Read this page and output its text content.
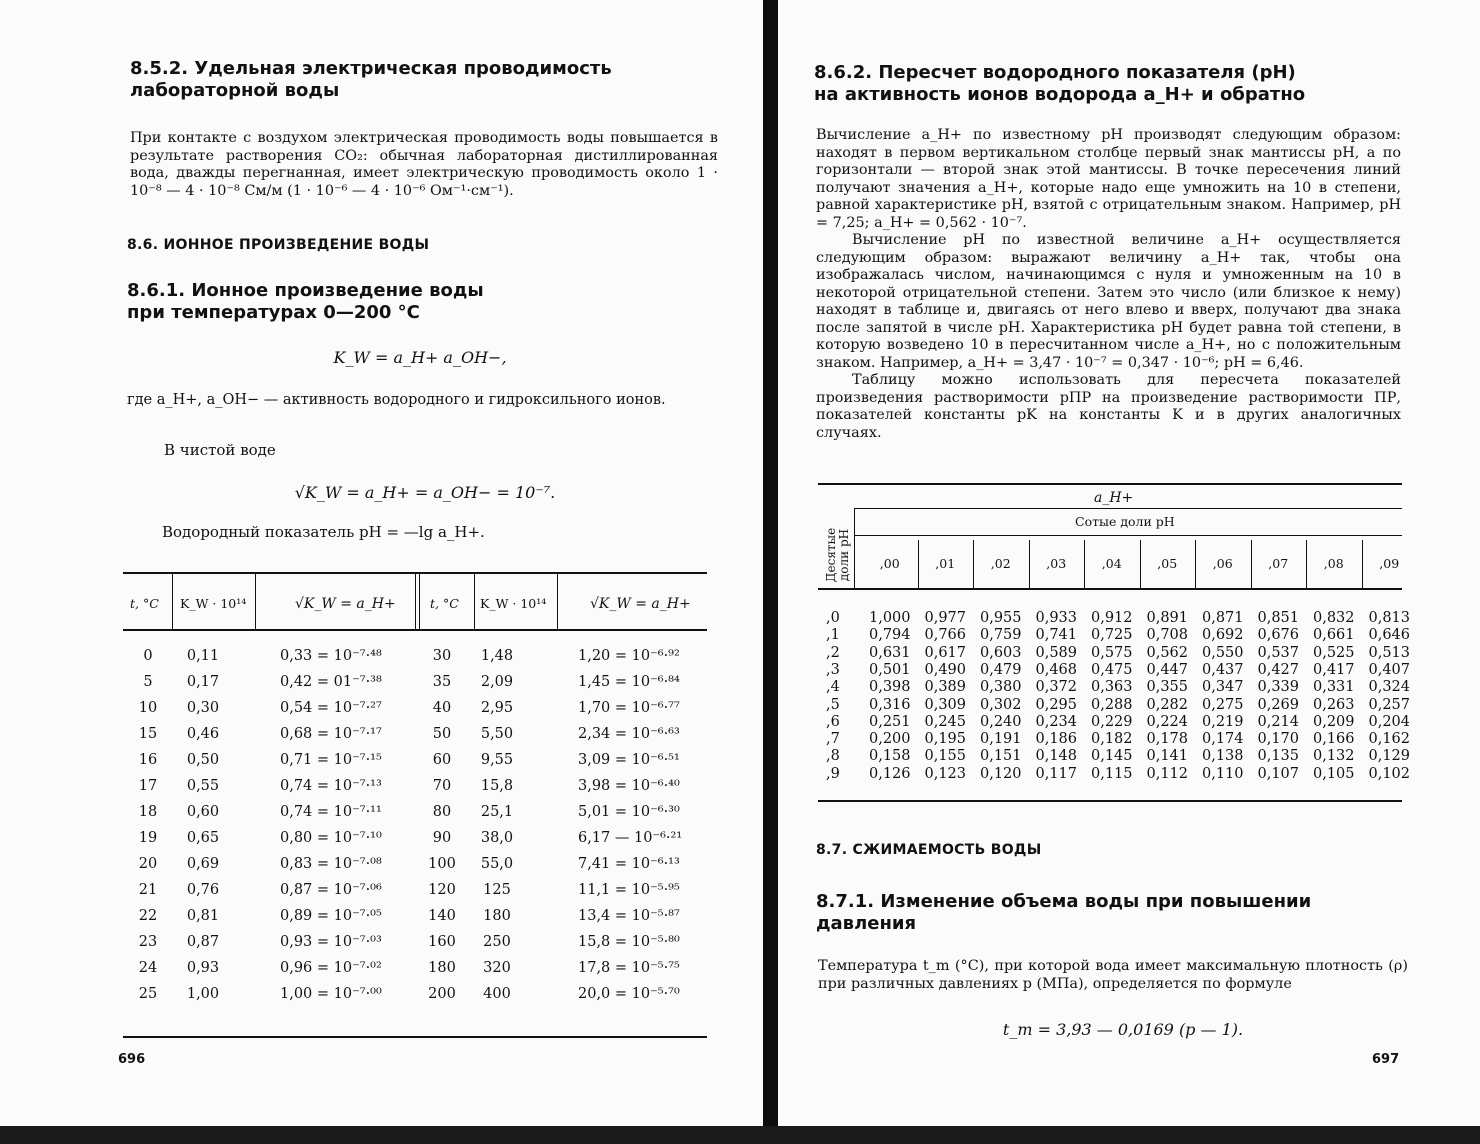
8.5.2. Удельная электрическая проводимость
лабораторной воды

При контакте с воздухом электрическая проводимость воды повышается в результате растворения CO₂: обычная лабораторная дистиллированная вода, дважды перегнанная, имеет электрическую проводимость около 1 · 10⁻⁸ — 4 · 10⁻⁸ См/м (1 · 10⁻⁶ — 4 · 10⁻⁶ Ом⁻¹·см⁻¹).

8.6. ИОННОЕ ПРОИЗВЕДЕНИЕ ВОДЫ
8.6.1. Ионное произведение воды
при температурах 0—200 °C
K_W = a_H+ a_OH−,
где a_H+, a_OH− — активность водородного и гидроксильного ионов.
В чистой воде
√K_W = a_H+ = a_OH− = 10⁻⁷.
Водородный показатель pH = —lg a_H+.
t, °C K_W · 10¹⁴	√K_W = a_H+	t, °C K_W · 10¹⁴	√K_W = a_H+
0	0,11	0,33 = 10⁻⁷·⁴⁸	30	1,48	1,20 = 10⁻⁶·⁹²
5	0,17	0,42 = 01⁻⁷·³⁸	35	2,09	1,45 = 10⁻⁶·⁸⁴
10	0,30	0,54 = 10⁻⁷·²⁷	40	2,95	1,70 = 10⁻⁶·⁷⁷
15	0,46	0,68 = 10⁻⁷·¹⁷	50	5,50	2,34 = 10⁻⁶·⁶³
16	0,50	0,71 = 10⁻⁷·¹⁵	60	9,55	3,09 = 10⁻⁶·⁵¹
17	0,55	0,74 = 10⁻⁷·¹³	70	15,8	3,98 = 10⁻⁶·⁴⁰
18	0,60	0,74 = 10⁻⁷·¹¹	80	25,1	5,01 = 10⁻⁶·³⁰
19	0,65	0,80 = 10⁻⁷·¹⁰	90	38,0	6,17 — 10⁻⁶·²¹
20	0,69	0,83 = 10⁻⁷·⁰⁸	100	55,0	7,41 = 10⁻⁶·¹³
21	0,76	0,87 = 10⁻⁷·⁰⁶	120	125	11,1 = 10⁻⁵·⁹⁵
22	0,81	0,89 = 10⁻⁷·⁰⁵	140	180	13,4 = 10⁻⁵·⁸⁷
23	0,87	0,93 = 10⁻⁷·⁰³	160	250	15,8 = 10⁻⁵·⁸⁰
24	0,93	0,96 = 10⁻⁷·⁰²	180	320	17,8 = 10⁻⁵·⁷⁵
25	1,00	1,00 = 10⁻⁷·⁰⁰	200	400	20,0 = 10⁻⁵·⁷⁰
696
8.6.2. Пересчет водородного показателя (pH)
на активность ионов водорода a_H+ и обратно

Вычисление a_H+ по известному pH производят следующим образом: находят в первом вертикальном столбце первый знак мантиссы pH, а по горизонтали — второй знак этой мантиссы. В точке пересечения линий получают значения a_H+, которые надо еще умножить на 10 в степени, равной характеристике pH, взятой с отрицательным знаком. Например, pH = 7,25; a_H+ = 0,562 · 10⁻⁷.

Вычисление pH по известной величине a_H+ осуществляется следующим образом: выражают величину a_H+ так, чтобы она изображалась числом, начинающимся с нуля и умноженным на 10 в некоторой отрицательной степени. Затем это число (или близкое к нему) находят в таблице и, двигаясь от него влево и вверх, получают два знака после запятой в числе pH. Характеристика pH будет равна той степени, в которую возведено 10 в пересчитанном числе a_H+, но с положительным знаком. Например, a_H+ = 3,47 · 10⁻⁷ = 0,347 · 10⁻⁶; pH = 6,46.

Таблицу можно использовать для пересчета показателей произведения растворимости pПР на произведение растворимости ПР, показателей константы pK на константы K и в других аналогичных случаях.

a_H+
Сотые доли pH
Десятые доли pH	,00	,01	,02	,03	,04	,05	,06	,07	,08	,09
,0	1,000 0,977 0,955 0,933 0,912 0,891 0,871 0,851 0,832 0,813
,1	0,794 0,766 0,759 0,741 0,725 0,708 0,692 0,676 0,661 0,646
,2	0,631 0,617 0,603 0,589 0,575 0,562 0,550 0,537 0,525 0,513
,3	0,501 0,490 0,479 0,468 0,475 0,447 0,437 0,427 0,417 0,407
,4	0,398 0,389 0,380 0,372 0,363 0,355 0,347 0,339 0,331 0,324
,5	0,316 0,309 0,302 0,295 0,288 0,282 0,275 0,269 0,263 0,257
,6	0,251 0,245 0,240 0,234 0,229 0,224 0,219 0,214 0,209 0,204
,7	0,200 0,195 0,191 0,186 0,182 0,178 0,174 0,170 0,166 0,162
,8	0,158 0,155 0,151 0,148 0,145 0,141 0,138 0,135 0,132 0,129
,9	0,126 0,123 0,120 0,117 0,115 0,112 0,110 0,107 0,105 0,102
8.7. СЖИМАЕМОСТЬ ВОДЫ
8.7.1. Изменение объема воды при повышении
давления

Температура t_m (°C), при которой вода имеет максимальную плотность (ρ) при различных давлениях p (МПа), определяется по формуле

t_m = 3,93 — 0,0169 (p — 1).
697
